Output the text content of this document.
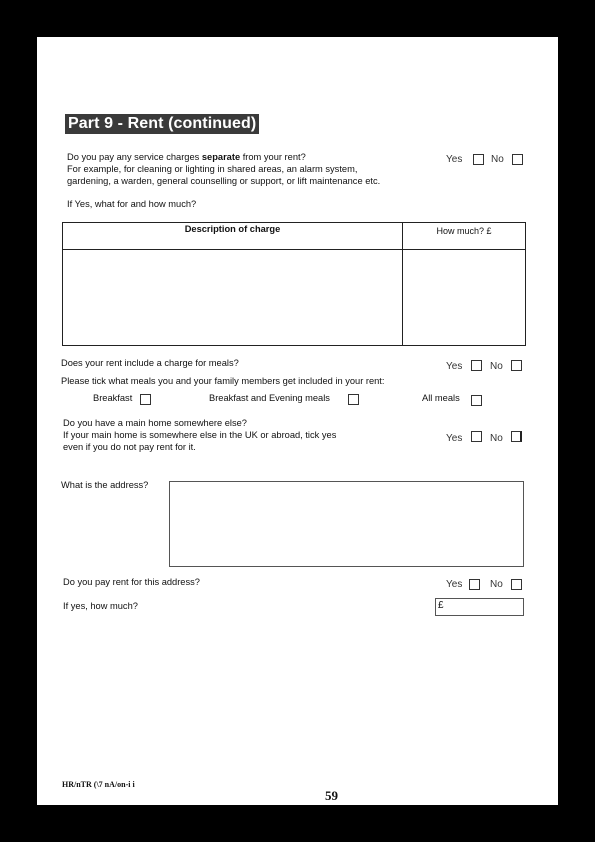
Part 9 - Rent (continued)
Do you pay any service charges separate from your rent?
For example, for cleaning or lighting in shared areas, an alarm system,
gardening, a warden, general counselling or support, or lift maintenance etc.
Yes	No
If Yes, what for and how much?
Description of charge	How much? £

Does your rent include a charge for meals?	Yes	No
Please tick what meals you and your family members get included in your rent:
Breakfast	Breakfast and Evening meals	All meals
Do you have a main home somewhere else?
If your main home is somewhere else in the UK or abroad, tick yes
even if you do not pay rent for it.
Yes	No
What is the address?
Do you pay rent for this address?	Yes	No
If yes, how much?	£
HR/nTR (\7 nA/on-i i
59
